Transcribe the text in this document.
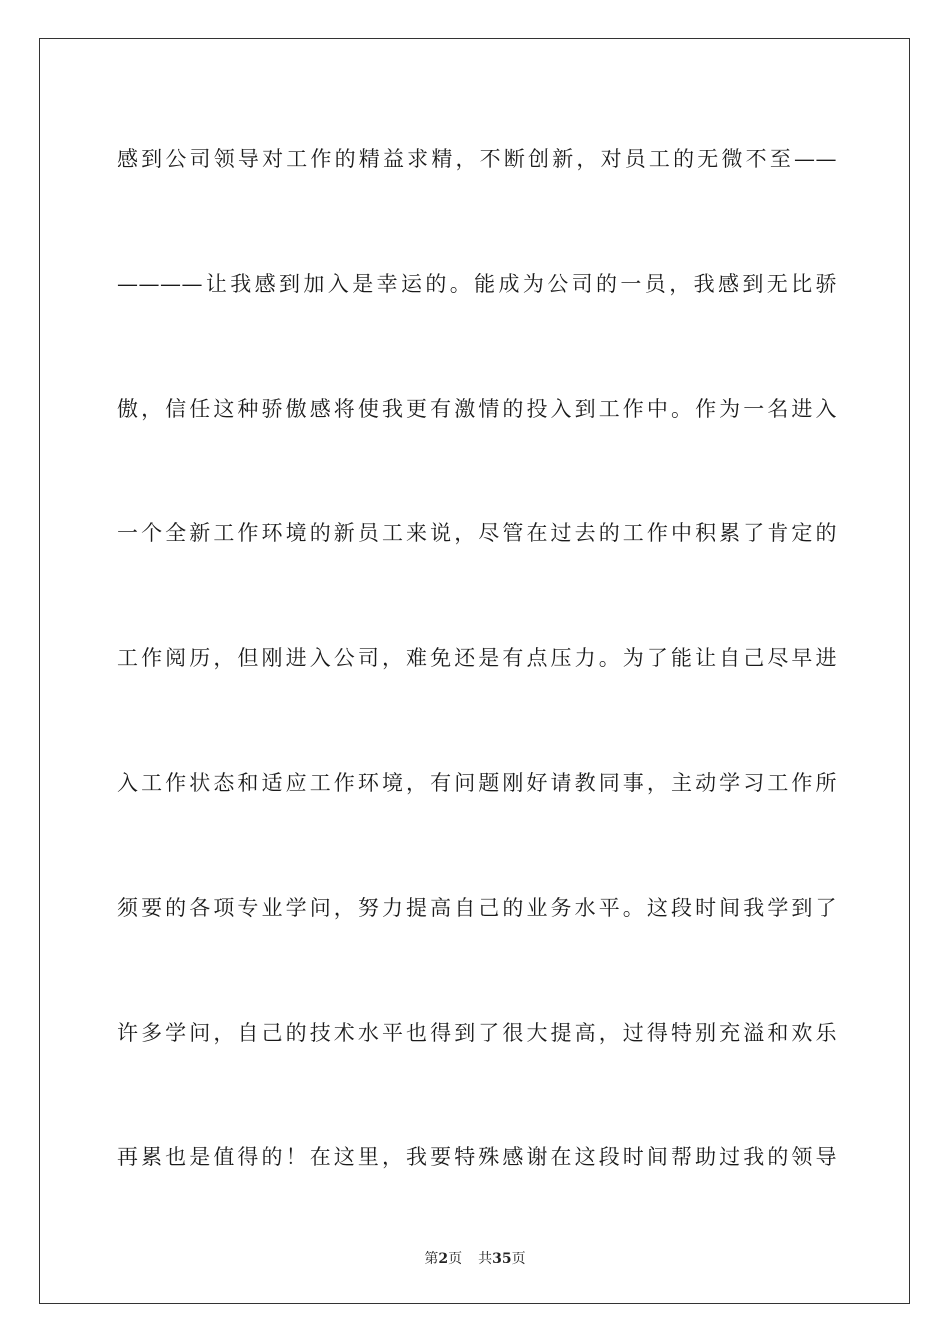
感到公司领导对工作的精益求精，不断创新，对员工的无微不至——
————让我感到加入是幸运的。能成为公司的一员，我感到无比骄
傲，信任这种骄傲感将使我更有激情的投入到工作中。作为一名进入
一个全新工作环境的新员工来说，尽管在过去的工作中积累了肯定的
工作阅历，但刚进入公司，难免还是有点压力。为了能让自己尽早进
入工作状态和适应工作环境，有问题刚好请教同事，主动学习工作所
须要的各项专业学问，努力提高自己的业务水平。这段时间我学到了
许多学问，自己的技术水平也得到了很大提高，过得特别充溢和欢乐
再累也是值得的！在这里，我要特殊感谢在这段时间帮助过我的领导
第2页 共35页
